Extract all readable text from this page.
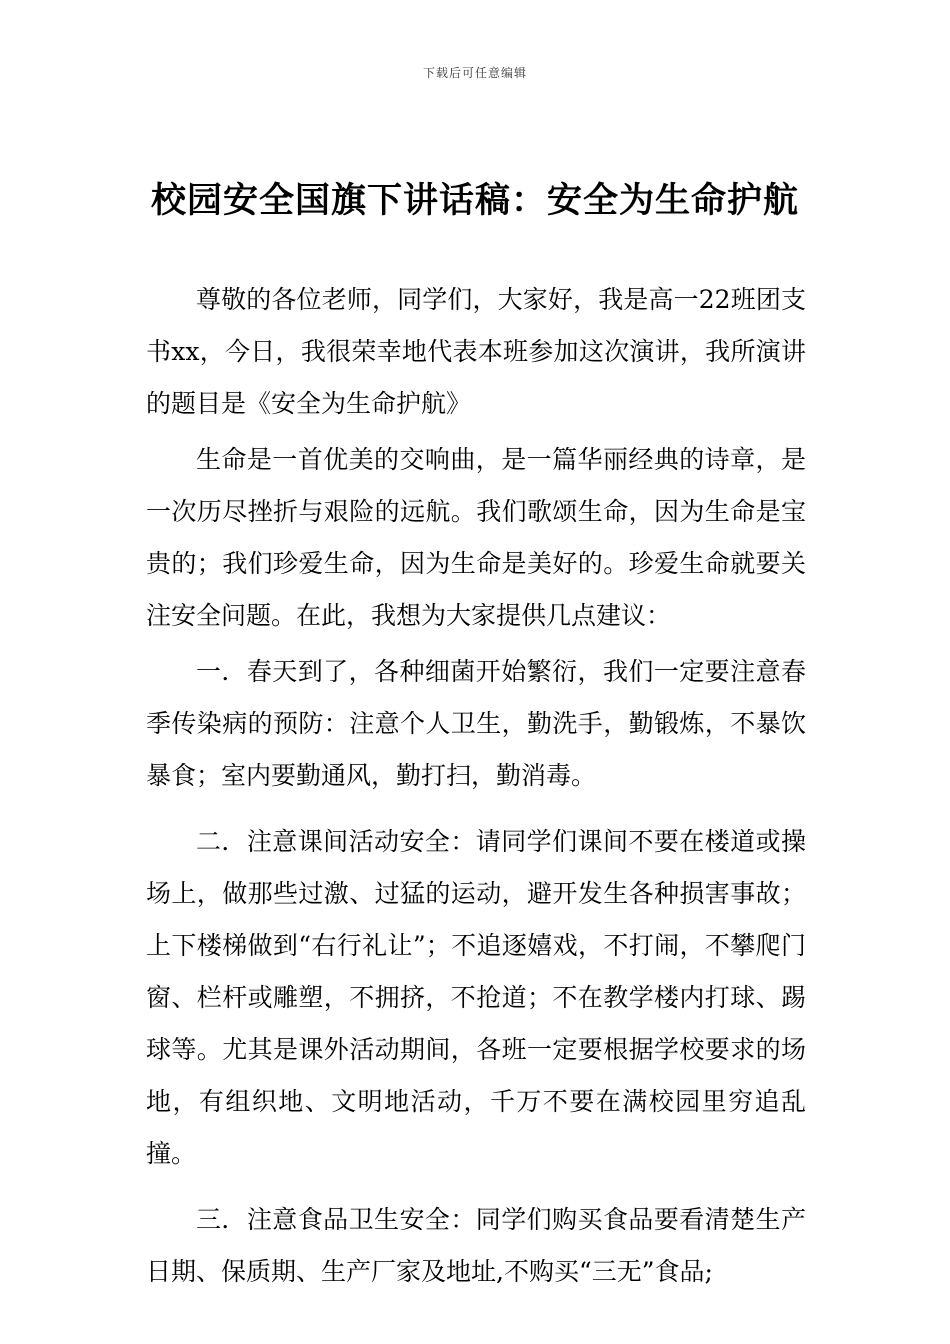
下载后可任意编辑
校园安全国旗下讲话稿：安全为生命护航

尊敬的各位老师，同学们，大家好，我是高一22班团支书xx，今日，我很荣幸地代表本班参加这次演讲，我所演讲的题目是《安全为生命护航》

生命是一首优美的交响曲，是一篇华丽经典的诗章，是一次历尽挫折与艰险的远航。我们歌颂生命，因为生命是宝贵的；我们珍爱生命，因为生命是美好的。珍爱生命就要关注安全问题。在此，我想为大家提供几点建议：

一．春天到了，各种细菌开始繁衍，我们一定要注意春季传染病的预防：注意个人卫生，勤洗手，勤锻炼，不暴饮暴食；室内要勤通风，勤打扫，勤消毒。

二．注意课间活动安全：请同学们课间不要在楼道或操场上，做那些过激、过猛的运动，避开发生各种损害事故；上下楼梯做到“右行礼让”；不追逐嬉戏，不打闹，不攀爬门窗、栏杆或雕塑，不拥挤，不抢道；不在教学楼内打球、踢球等。尤其是课外活动期间，各班一定要根据学校要求的场地，有组织地、文明地活动，千万不要在满校园里穷追乱撞。

三．注意食品卫生安全：同学们购买食品要看清楚生产日期、保质期、生产厂家及地址,不购买“三无”食品;
